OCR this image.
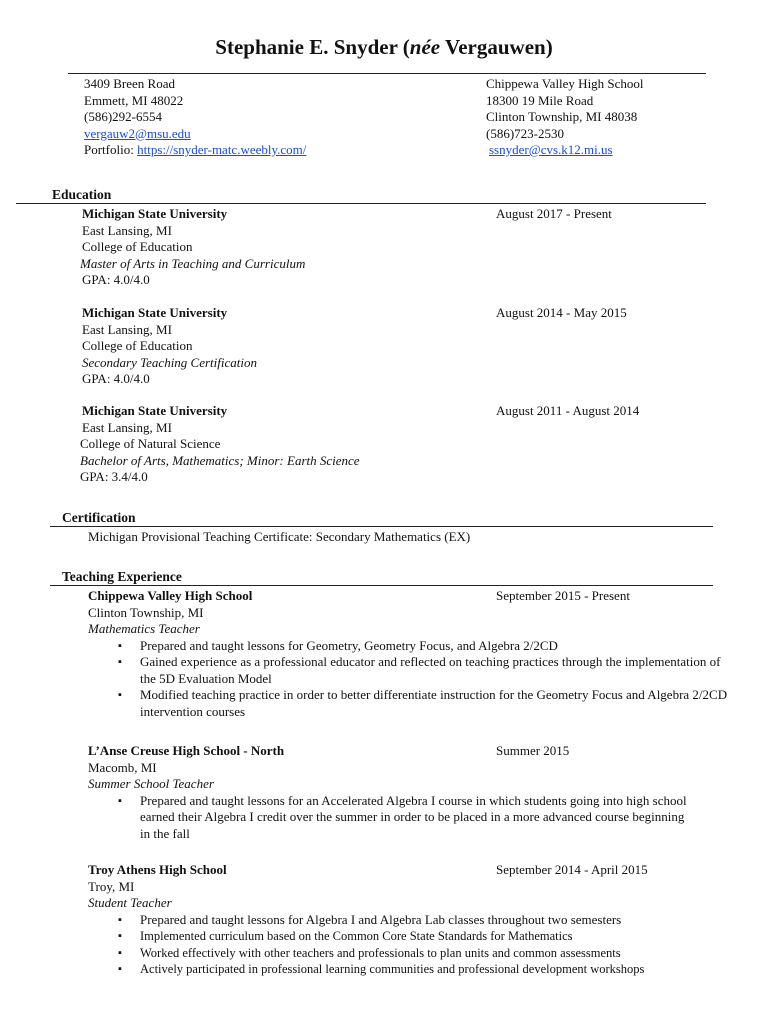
Stephanie E. Snyder (née Vergauwen)
3409 Breen Road
Emmett, MI 48022
(586)292-6554
vergauw2@msu.edu
Portfolio: https://snyder-matc.weebly.com/
Chippewa Valley High School
18300 19 Mile Road
Clinton Township, MI 48038
(586)723-2530
ssnyder@cvs.k12.mi.us
Education
Michigan State University	August 2017 - Present
East Lansing, MI
College of Education
Master of Arts in Teaching and Curriculum
GPA: 4.0/4.0
Michigan State University	August 2014 - May 2015
East Lansing, MI
College of Education
Secondary Teaching Certification
GPA: 4.0/4.0
Michigan State University	August 2011 - August 2014
East Lansing, MI
College of Natural Science
Bachelor of Arts, Mathematics; Minor: Earth Science
GPA: 3.4/4.0
Certification
Michigan Provisional Teaching Certificate: Secondary Mathematics (EX)
Teaching Experience
Chippewa Valley High School	September 2015 - Present
Clinton Township, MI
Mathematics Teacher
▪ Prepared and taught lessons for Geometry, Geometry Focus, and Algebra 2/2CD
▪ Gained experience as a professional educator and reflected on teaching practices through the implementation of the 5D Evaluation Model
▪ Modified teaching practice in order to better differentiate instruction for the Geometry Focus and Algebra 2/2CD intervention courses
L’Anse Creuse High School - North	Summer 2015
Macomb, MI
Summer School Teacher
▪ Prepared and taught lessons for an Accelerated Algebra I course in which students going into high school earned their Algebra I credit over the summer in order to be placed in a more advanced course beginning in the fall
Troy Athens High School	September 2014 - April 2015
Troy, MI
Student Teacher
▪ Prepared and taught lessons for Algebra I and Algebra Lab classes throughout two semesters
▪ Implemented curriculum based on the Common Core State Standards for Mathematics
▪ Worked effectively with other teachers and professionals to plan units and common assessments
▪ Actively participated in professional learning communities and professional development workshops
